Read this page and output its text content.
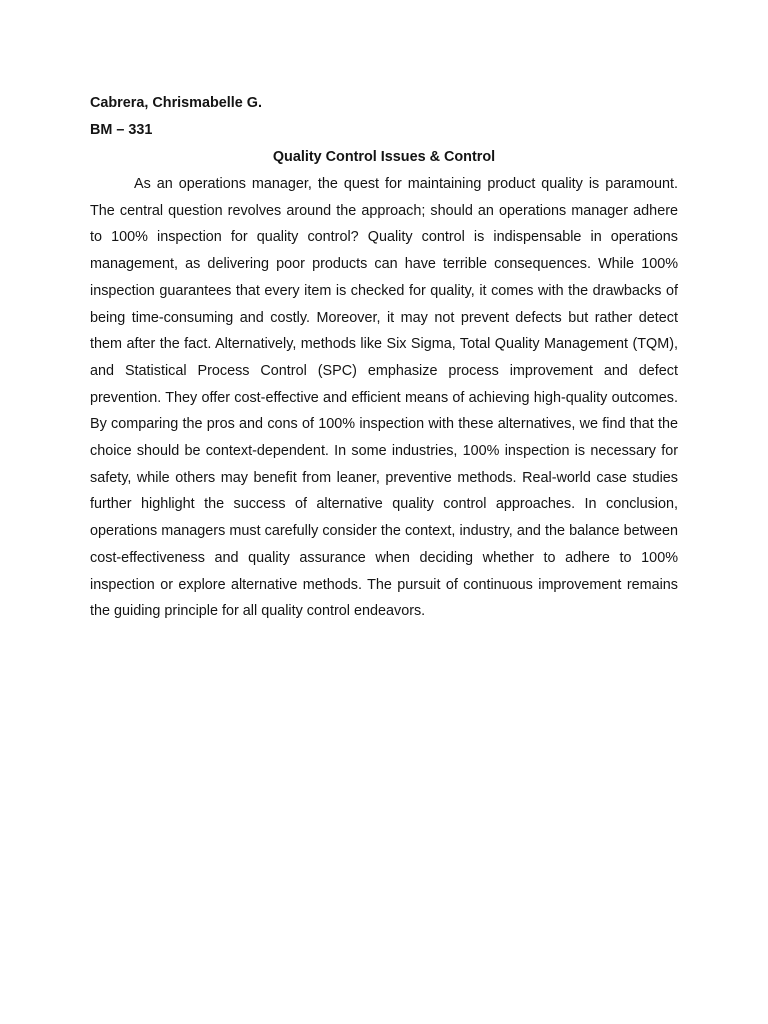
Cabrera, Chrismabelle G.

BM – 331

Quality Control Issues & Control

As an operations manager, the quest for maintaining product quality is paramount. The central question revolves around the approach; should an operations manager adhere to 100% inspection for quality control? Quality control is indispensable in operations management, as delivering poor products can have terrible consequences. While 100% inspection guarantees that every item is checked for quality, it comes with the drawbacks of being time-consuming and costly. Moreover, it may not prevent defects but rather detect them after the fact. Alternatively, methods like Six Sigma, Total Quality Management (TQM), and Statistical Process Control (SPC) emphasize process improvement and defect prevention. They offer cost-effective and efficient means of achieving high-quality outcomes. By comparing the pros and cons of 100% inspection with these alternatives, we find that the choice should be context-dependent. In some industries, 100% inspection is necessary for safety, while others may benefit from leaner, preventive methods. Real-world case studies further highlight the success of alternative quality control approaches. In conclusion, operations managers must carefully consider the context, industry, and the balance between cost-effectiveness and quality assurance when deciding whether to adhere to 100% inspection or explore alternative methods. The pursuit of continuous improvement remains the guiding principle for all quality control endeavors.
